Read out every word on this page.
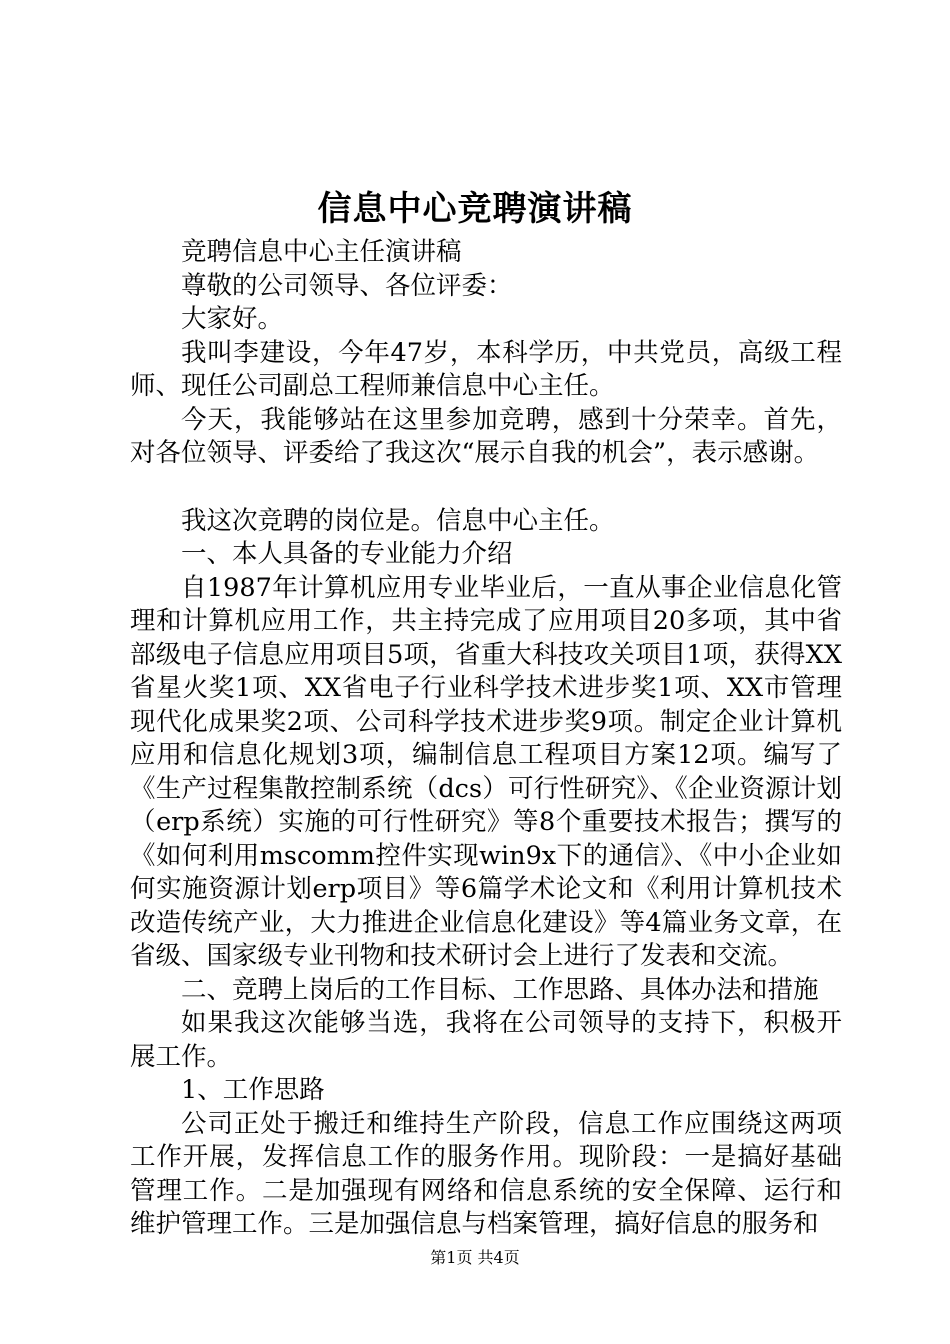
信息中心竞聘演讲稿

竞聘信息中心主任演讲稿

尊敬的公司领导、各位评委：

大家好。

我叫李建设，今年47岁，本科学历，中共党员，高级工程师、现任公司副总工程师兼信息中心主任。

今天，我能够站在这里参加竞聘，感到十分荣幸。首先，对各位领导、评委给了我这次“展示自我的机会”，表示感谢。

我这次竞聘的岗位是。信息中心主任。

一、本人具备的专业能力介绍

自1987年计算机应用专业毕业后，一直从事企业信息化管理和计算机应用工作，共主持完成了应用项目20多项，其中省部级电子信息应用项目5项，省重大科技攻关项目1项，获得XX省星火奖1项、XX省电子行业科学技术进步奖1项、XX市管理现代化成果奖2项、公司科学技术进步奖9项。制定企业计算机应用和信息化规划3项，编制信息工程项目方案12项。编写了《生产过程集散控制系统（dcs）可行性研究》、《企业资源计划（erp系统）实施的可行性研究》等8个重要技术报告；撰写的《如何利用mscomm控件实现win9x下的通信》、《中小企业如何实施资源计划erp项目》等6篇学术论文和《利用计算机技术改造传统产业，大力推进企业信息化建设》等4篇业务文章，在省级、国家级专业刊物和技术研讨会上进行了发表和交流。

二、竞聘上岗后的工作目标、工作思路、具体办法和措施

如果我这次能够当选，我将在公司领导的支持下，积极开展工作。

1、工作思路

公司正处于搬迁和维持生产阶段，信息工作应围绕这两项工作开展，发挥信息工作的服务作用。现阶段：一是搞好基础管理工作。二是加强现有网络和信息系统的安全保障、运行和维护管理工作。三是加强信息与档案管理，搞好信息的服务和

第1页 共4页
